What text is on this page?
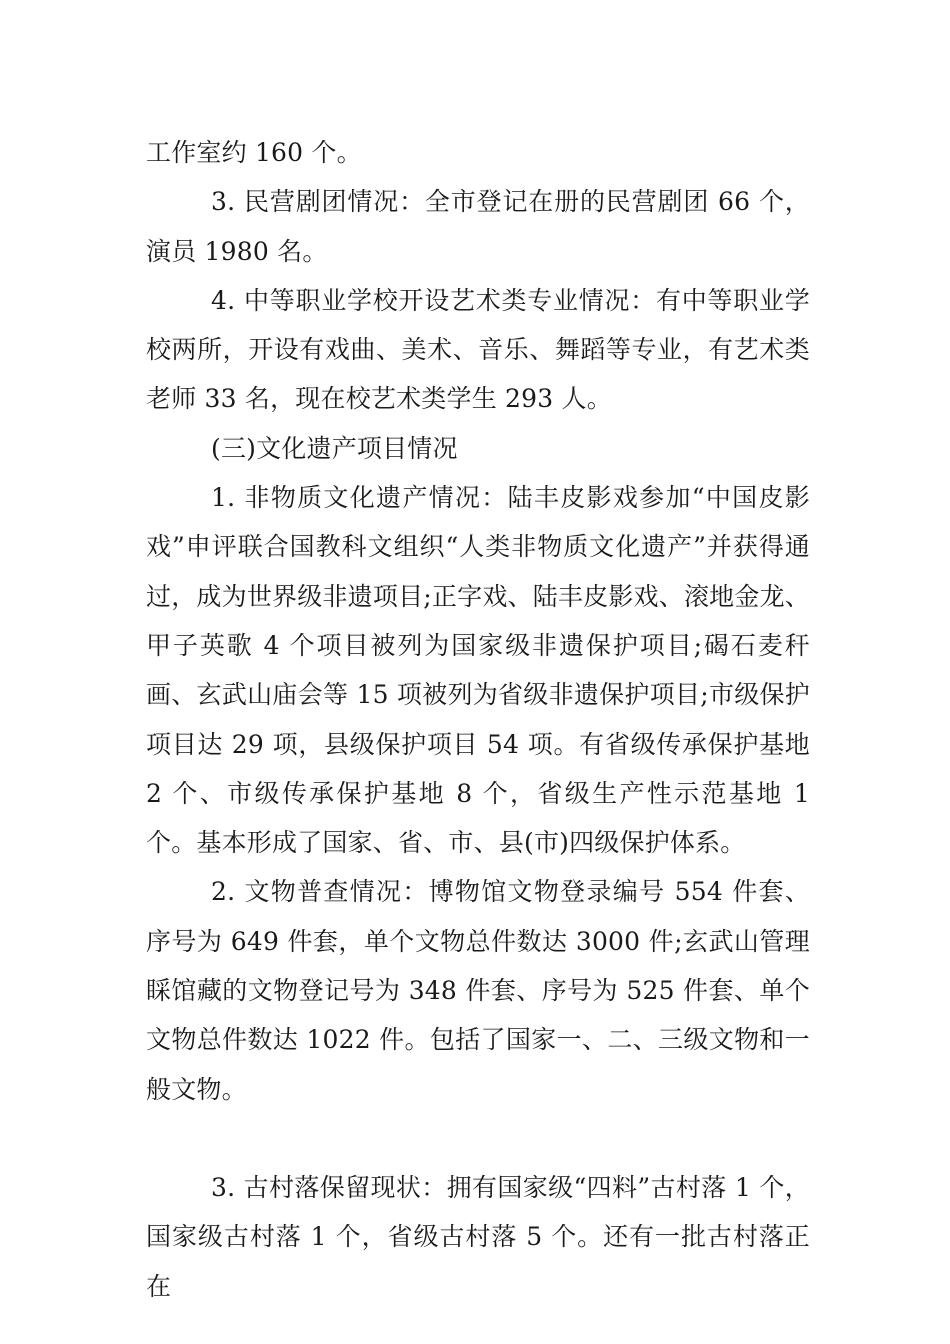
工作室约 160 个。

3. 民营剧团情况：全市登记在册的民营剧团 66 个，演员 1980 名。

4. 中等职业学校开设艺术类专业情况：有中等职业学校两所，开设有戏曲、美术、音乐、舞蹈等专业，有艺术类老师 33 名，现在校艺术类学生 293 人。

(三)文化遗产项目情况

1. 非物质文化遗产情况：陆丰皮影戏参加“中国皮影戏”申评联合国教科文组织“人类非物质文化遗产”并获得通过，成为世界级非遗项目;正字戏、陆丰皮影戏、滚地金龙、甲子英歌 4 个项目被列为国家级非遗保护项目;碣石麦秆画、玄武山庙会等 15 项被列为省级非遗保护项目;市级保护项目达 29 项，县级保护项目 54 项。有省级传承保护基地 2 个、市级传承保护基地 8 个，省级生产性示范基地 1 个。基本形成了国家、省、市、县(市)四级保护体系。

2. 文物普查情况：博物馆文物登录编号 554 件套、序号为 649 件套，单个文物总件数达 3000 件;玄武山管理睬馆藏的文物登记号为 348 件套、序号为 525 件套、单个文物总件数达 1022 件。包括了国家一、二、三级文物和一般文物。

3. 古村落保留现状：拥有国家级“四料”古村落 1 个，国家级古村落 1 个，省级古村落 5 个。还有一批古村落正在
